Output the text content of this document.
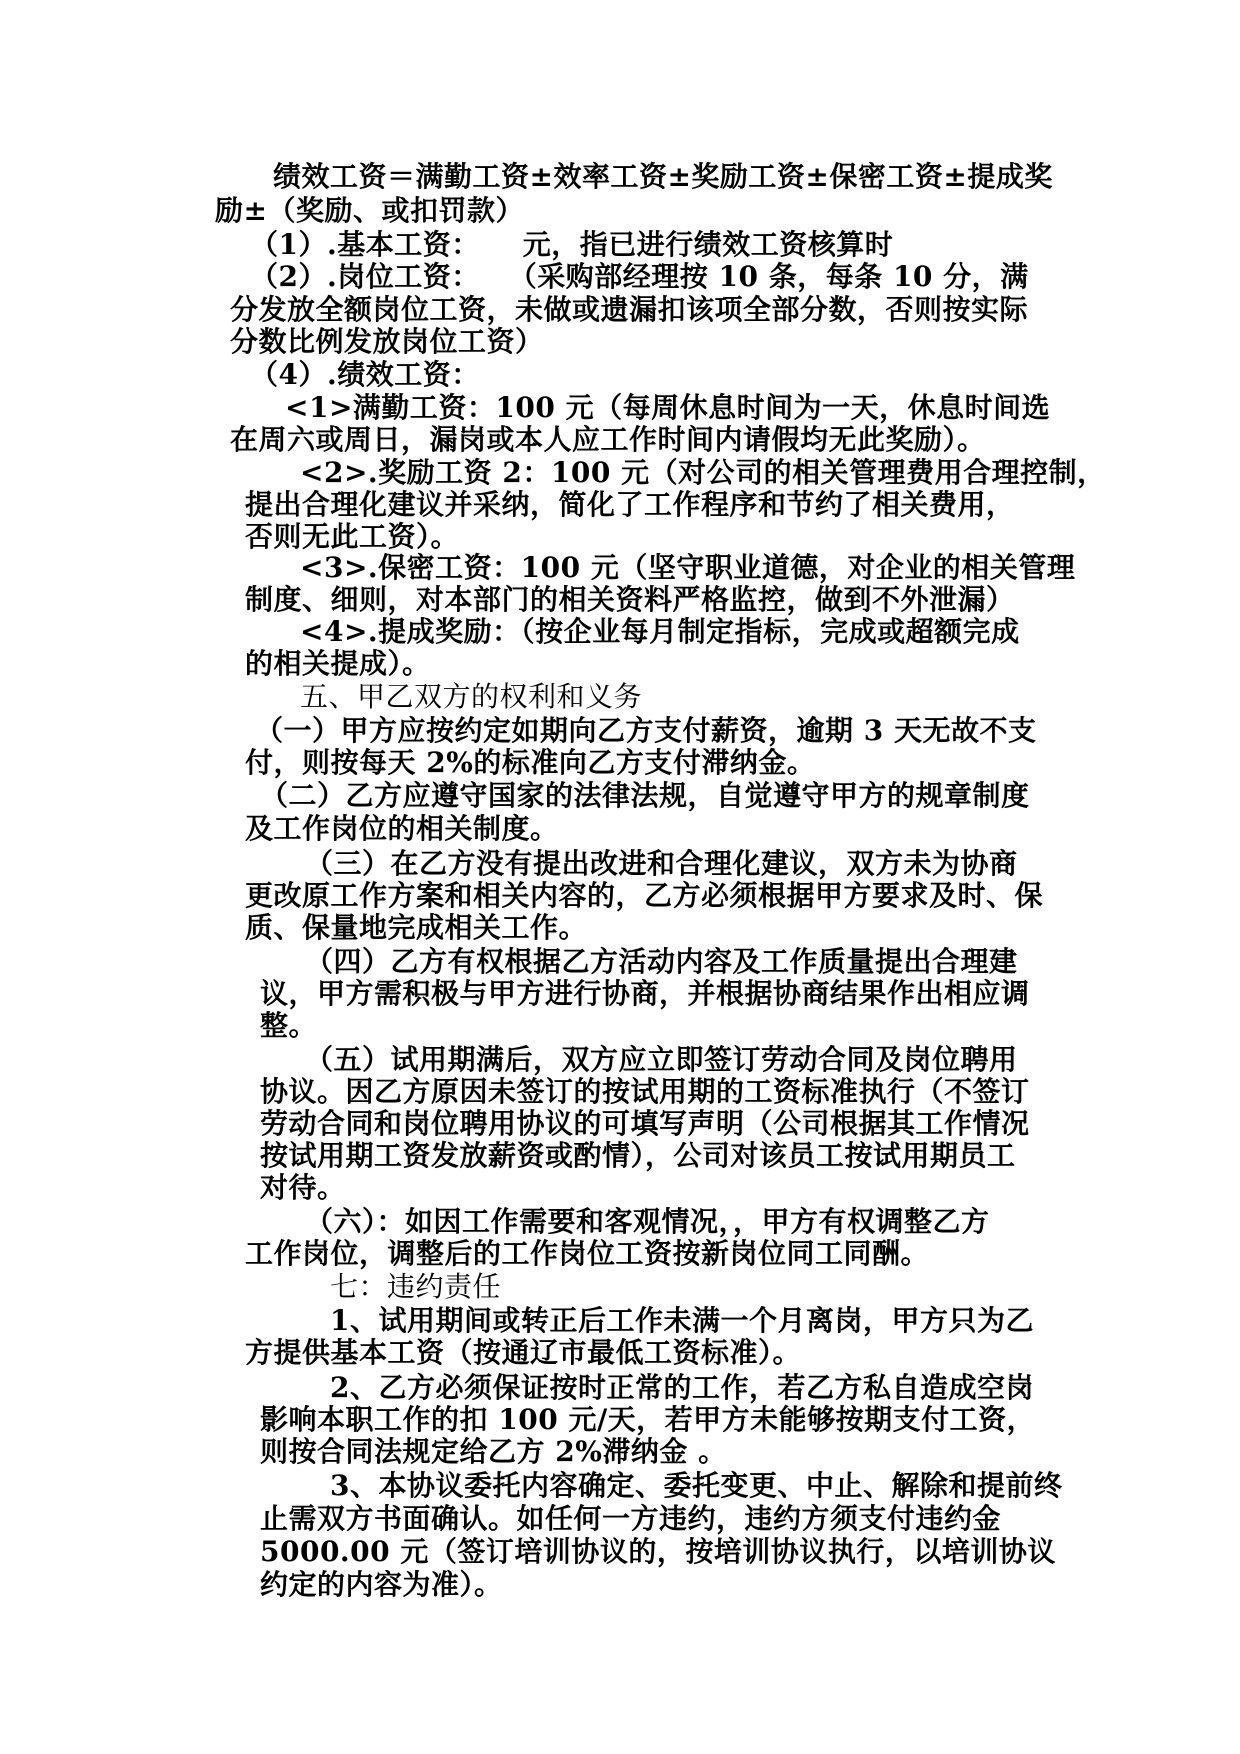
绩效工资＝满勤工资±效率工资±奖励工资±保密工资±提成奖
励±（奖励、或扣罚款）
（1）.基本工资：　　元，指已进行绩效工资核算时
（2）.岗位工资：　　（采购部经理按 10 条，每条 10 分，满
分发放全额岗位工资，未做或遗漏扣该项全部分数，否则按实际
分数比例发放岗位工资）
（4）.绩效工资：
<1>满勤工资：100 元（每周休息时间为一天，休息时间选
在周六或周日，漏岗或本人应工作时间内请假均无此奖励）。
<2>.奖励工资 2：100 元（对公司的相关管理费用合理控制，
提出合理化建议并采纳，简化了工作程序和节约了相关费用，
否则无此工资）。
<3>.保密工资：100 元（坚守职业道德，对企业的相关管理
制度、细则，对本部门的相关资料严格监控，做到不外泄漏）
<4>.提成奖励：（按企业每月制定指标，完成或超额完成
的相关提成）。
五、甲乙双方的权利和义务
（一）甲方应按约定如期向乙方支付薪资，逾期 3 天无故不支
付，则按每天 2%的标准向乙方支付滞纳金。
（二）乙方应遵守国家的法律法规，自觉遵守甲方的规章制度
及工作岗位的相关制度。
（三）在乙方没有提出改进和合理化建议，双方未为协商
更改原工作方案和相关内容的，乙方必须根据甲方要求及时、保
质、保量地完成相关工作。
（四）乙方有权根据乙方活动内容及工作质量提出合理建
议，甲方需积极与甲方进行协商，并根据协商结果作出相应调
整。
（五）试用期满后，双方应立即签订劳动合同及岗位聘用
协议。因乙方原因未签订的按试用期的工资标准执行（不签订
劳动合同和岗位聘用协议的可填写声明（公司根据其工作情况
按试用期工资发放薪资或酌情），公司对该员工按试用期员工
对待。
（六）：如因工作需要和客观情况，，甲方有权调整乙方
工作岗位，调整后的工作岗位工资按新岗位同工同酬。
七：违约责任
1、试用期间或转正后工作未满一个月离岗，甲方只为乙
方提供基本工资（按通辽市最低工资标准）。
2、乙方必须保证按时正常的工作，若乙方私自造成空岗
影响本职工作的扣 100 元/天，若甲方未能够按期支付工资，
则按合同法规定给乙方 2%滞纳金 。
3、本协议委托内容确定、委托变更、中止、解除和提前终
止需双方书面确认。如任何一方违约，违约方须支付违约金
5000.00 元（签订培训协议的，按培训协议执行，以培训协议
约定的内容为准）。
